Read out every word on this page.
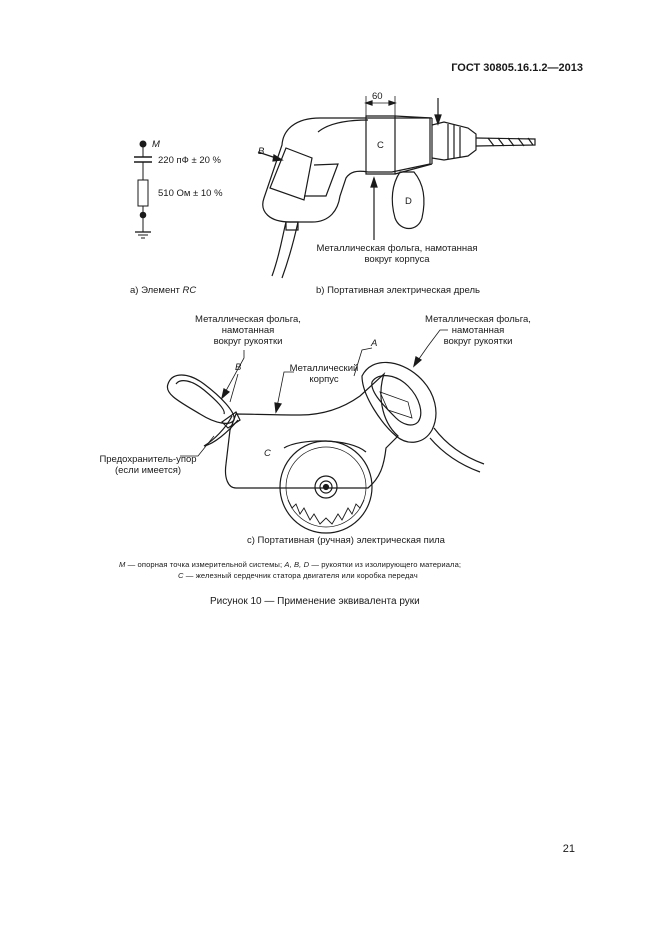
ГОСТ 30805.16.1.2—2013
M
220 пФ ± 20 %
510 Ом ± 10 %
60
C
D
B
Металлическая фольга, намотанная
вокруг корпуса
a) Элемент RC	b) Портативная электрическая дрель
Металлическая фольга,
намотанная
вокруг рукоятки
Металлическая фольга,
намотанная
вокруг рукоятки
Металлический
корпус
A
B
C
Предохранитель-упор
(если имеется)
c) Портативная (ручная) электрическая пила
M — опорная точка измерительной системы; A, B, D — рукоятки из изолирующего материала;
C — железный сердечник статора двигателя или коробка передач
Рисунок 10 — Применение эквивалента руки
21
